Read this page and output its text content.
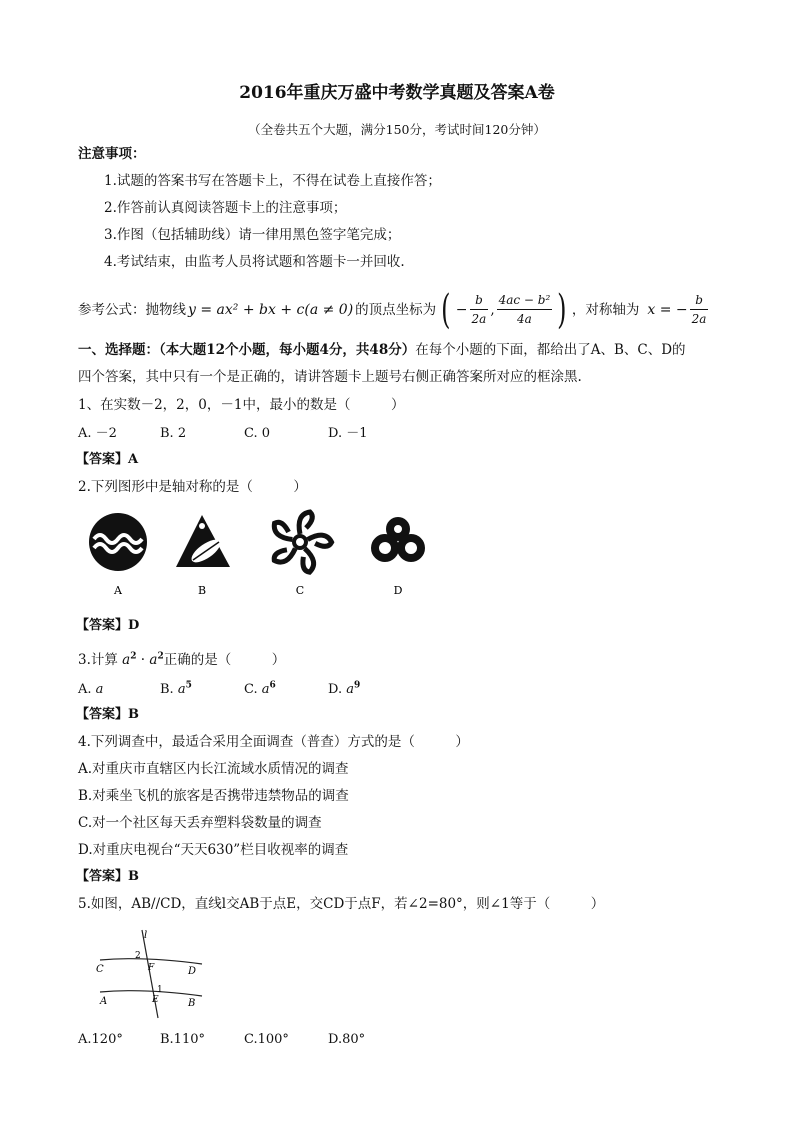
2016年重庆万盛中考数学真题及答案A卷
（全卷共五个大题，满分150分，考试时间120分钟）
注意事项：
1.试题的答案书写在答题卡上，不得在试卷上直接作答；
2.作答前认真阅读答题卡上的注意事项；
3.作图（包括辅助线）请一律用黑色签字笔完成；
4.考试结束，由监考人员将试题和答题卡一并回收.
参考公式：抛物线 y = ax² + bx + c(a ≠ 0) 的顶点坐标为 ( − $\frac{b}{2a}$ , $\frac{\text{4ac − b²}}{4a}$ ) ，对称轴为 x = − $\frac{b}{2a}$
一、选择题：（本大题12个小题，每小题4分，共48分）在每个小题的下面，都给出了A、B、C、D的
四个答案，其中只有一个是正确的，请讲答题卡上题号右侧正确答案所对应的框涂黑.
1、在实数－2，2，0，－1中，最小的数是（　　　）
A. －2	B. 2	C. 0	D. －1
【答案】A
2.下列图形中是轴对称的是（　　　）
A	B	C	D
【答案】D
3.计算 $a^2 \cdot a^2$正确的是（　　　）
A. a	B. $a^5$	C. $a^6$	D. $a^9$
【答案】B
4.下列调查中，最适合采用全面调查（普查）方式的是（　　　）
A.对重庆市直辖区内长江流域水质情况的调查
B.对乘坐飞机的旅客是否携带违禁物品的调查
C.对一个社区每天丢弃塑料袋数量的调查
D.对重庆电视台“天天630”栏目收视率的调查
【答案】B
5.如图，AB//CD，直线l交AB于点E，交CD于点F，若∠2=80°，则∠1等于（　　　）
l
C	D
A	B
F
E
1
2
A.120°	B.110°	C.100°	D.80°
